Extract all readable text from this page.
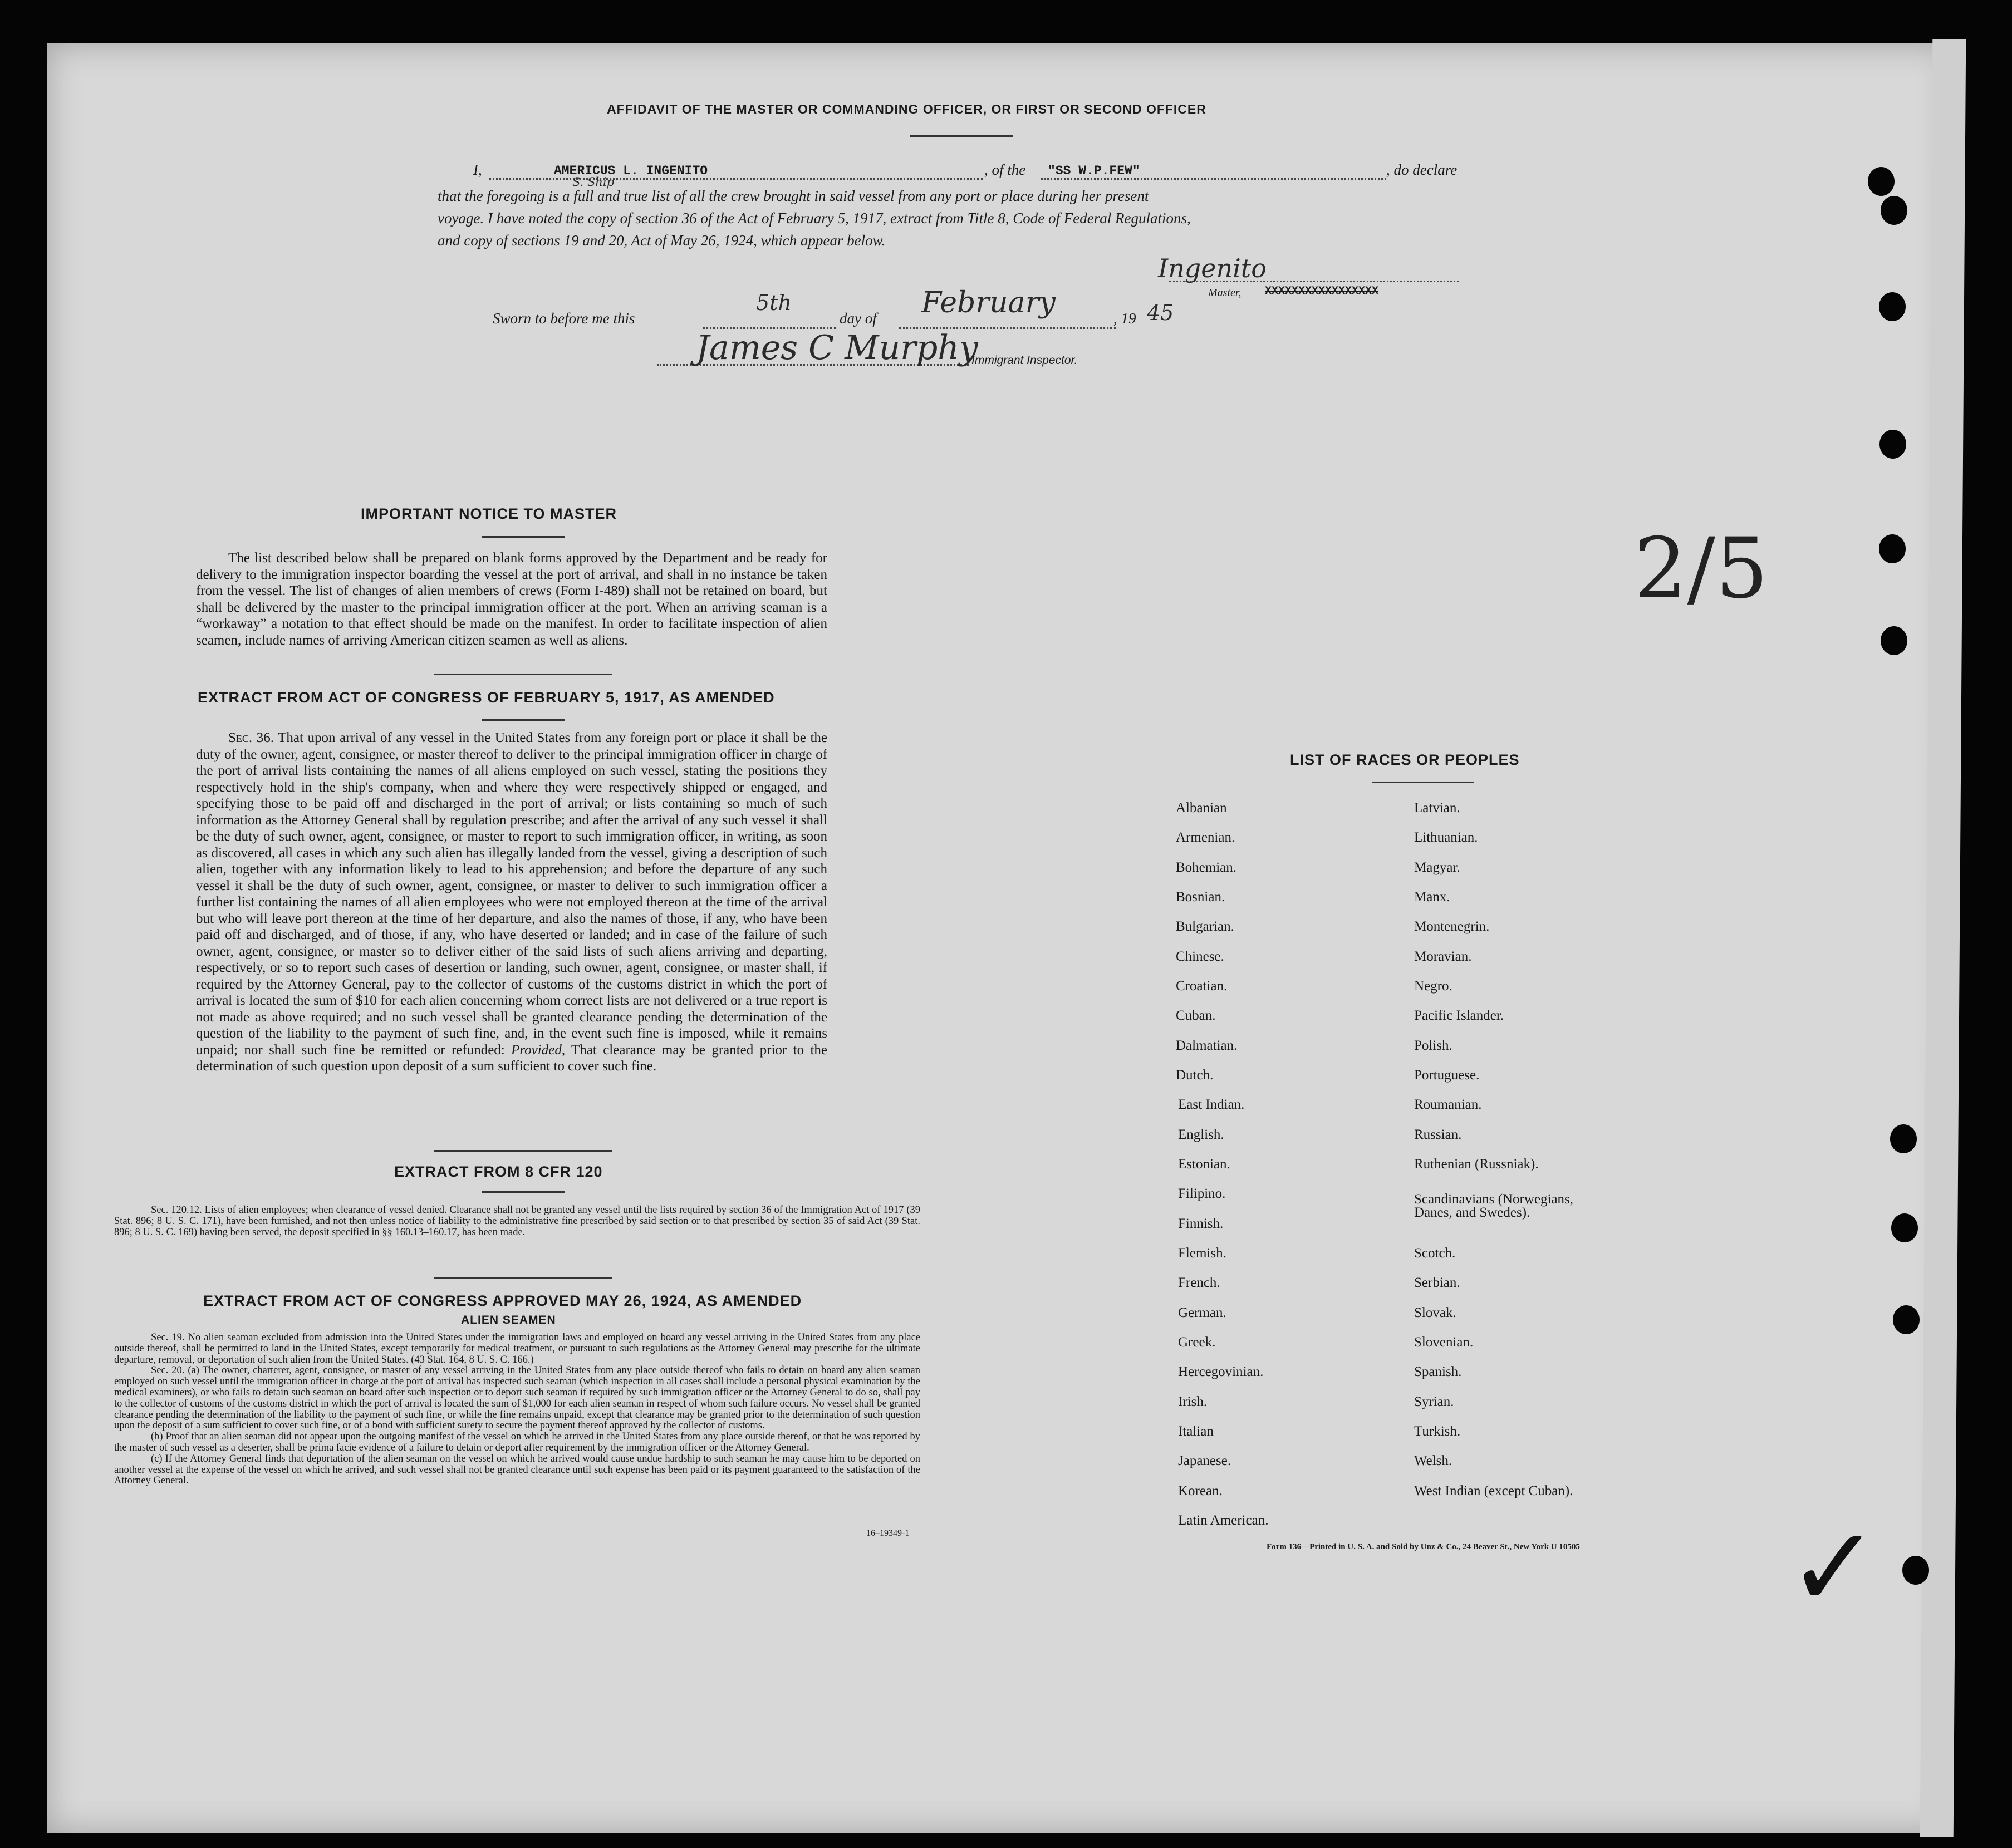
AFFIDAVIT OF THE MASTER OR COMMANDING OFFICER, OR FIRST OR SECOND OFFICER
I,	AMERICUS L. INGENITO	, of the "SS W.P.FEW"	, do declare
S. Ship
that the foregoing is a full and true list of all the crew brought in said vessel from any port or place during her present
voyage. I have noted the copy of section 36 of the Act of February 5, 1917, extract from Title 8, Code of Federal Regulations,
and copy of sections 19 and 20, Act of May 26, 1924, which appear below.
Ingenito
Master, XXXXXXXXXXXXXXXXX
Sworn to before me this
5th
day of February	, 19 45
James C Murphy
Immigrant Inspector.
IMPORTANT NOTICE TO MASTER
The list described below shall be prepared on blank forms approved by the Department and be ready for delivery to the immigration inspector boarding the vessel at the port of arrival, and shall in no instance be taken from the vessel. The list of changes of alien members of crews (Form I-489) shall not be retained on board, but shall be delivered by the master to the principal immigration officer at the port. When an arriving seaman is a “workaway” a notation to that effect should be made on the manifest. In order to facilitate inspection of alien seamen, include names of arriving American citizen seamen as well as aliens.
EXTRACT FROM ACT OF CONGRESS OF FEBRUARY 5, 1917, AS AMENDED
Sec. 36. That upon arrival of any vessel in the United States from any foreign port or place it shall be the duty of the owner, agent, consignee, or master thereof to deliver to the principal immigration officer in charge of the port of arrival lists containing the names of all aliens employed on such vessel, stating the positions they respectively hold in the ship's company, when and where they were respectively shipped or engaged, and specifying those to be paid off and discharged in the port of arrival; or lists containing so much of such information as the Attorney General shall by regulation prescribe; and after the arrival of any such vessel it shall be the duty of such owner, agent, consignee, or master to report to such immigration officer, in writing, as soon as discovered, all cases in which any such alien has illegally landed from the vessel, giving a description of such alien, together with any information likely to lead to his apprehension; and before the departure of any such vessel it shall be the duty of such owner, agent, consignee, or master to deliver to such immigration officer a further list containing the names of all alien employees who were not employed thereon at the time of the arrival but who will leave port thereon at the time of her departure, and also the names of those, if any, who have been paid off and discharged, and of those, if any, who have deserted or landed; and in case of the failure of such owner, agent, consignee, or master so to deliver either of the said lists of such aliens arriving and departing, respectively, or so to report such cases of desertion or landing, such owner, agent, consignee, or master shall, if required by the Attorney General, pay to the collector of customs of the customs district in which the port of arrival is located the sum of $10 for each alien concerning whom correct lists are not delivered or a true report is not made as above required; and no such vessel shall be granted clearance pending the determination of the question of the liability to the payment of such fine, and, in the event such fine is imposed, while it remains unpaid; nor shall such fine be remitted or refunded: Provided, That clearance may be granted prior to the determination of such question upon deposit of a sum sufficient to cover such fine.
EXTRACT FROM 8 CFR 120
Sec. 120.12. Lists of alien employees; when clearance of vessel denied. Clearance shall not be granted any vessel until the lists required by section 36 of the Immigration Act of 1917 (39 Stat. 896; 8 U. S. C. 171), have been furnished, and not then unless notice of liability to the administrative fine prescribed by said section or to that prescribed by section 35 of said Act (39 Stat. 896; 8 U. S. C. 169) having been served, the deposit specified in §§ 160.13–160.17, has been made.
EXTRACT FROM ACT OF CONGRESS APPROVED MAY 26, 1924, AS AMENDED
ALIEN SEAMEN
Sec. 19. No alien seaman excluded from admission into the United States under the immigration laws and employed on board any vessel arriving in the United States from any place outside thereof, shall be permitted to land in the United States, except temporarily for medical treatment, or pursuant to such regulations as the Attorney General may prescribe for the ultimate departure, removal, or deportation of such alien from the United States. (43 Stat. 164, 8 U. S. C. 166.)
Sec. 20. (a) The owner, charterer, agent, consignee, or master of any vessel arriving in the United States from any place outside thereof who fails to detain on board any alien seaman employed on such vessel until the immigration officer in charge at the port of arrival has inspected such seaman (which inspection in all cases shall include a personal physical examination by the medical examiners), or who fails to detain such seaman on board after such inspection or to deport such seaman if required by such immigration officer or the Attorney General to do so, shall pay to the collector of customs of the customs district in which the port of arrival is located the sum of $1,000 for each alien seaman in respect of whom such failure occurs. No vessel shall be granted clearance pending the determination of the liability to the payment of such fine, or while the fine remains unpaid, except that clearance may be granted prior to the determination of such question upon the deposit of a sum sufficient to cover such fine, or of a bond with sufficient surety to secure the payment thereof approved by the collector of customs.
(b) Proof that an alien seaman did not appear upon the outgoing manifest of the vessel on which he arrived in the United States from any place outside thereof, or that he was reported by the master of such vessel as a deserter, shall be prima facie evidence of a failure to detain or deport after requirement by the immigration officer or the Attorney General.
(c) If the Attorney General finds that deportation of the alien seaman on the vessel on which he arrived would cause undue hardship to such seaman he may cause him to be deported on another vessel at the expense of the vessel on which he arrived, and such vessel shall not be granted clearance until such expense has been paid or its payment guaranteed to the satisfaction of the Attorney General.
16–19349-1
LIST OF RACES OR PEOPLES
Albanian
Armenian.
Bohemian.
Bosnian.
Bulgarian.
Chinese.
Croatian.
Cuban.
Dalmatian.
Dutch.
East Indian.
English.
Estonian.
Filipino.
Finnish.
Flemish.
French.
German.
Greek.
Hercegovinian.
Irish.
Italian
Japanese.
Korean.
Latin American.
Latvian.
Lithuanian.
Magyar.
Manx.
Montenegrin.
Moravian.
Negro.
Pacific Islander.
Polish.
Portuguese.
Roumanian.
Russian.
Ruthenian (Russniak).
Scandinavians (Norwegians,
Scotch.
Serbian.
Slovak.
Slovenian.
Spanish.
Syrian.
Turkish.
Welsh.
West Indian (except Cuban).
Danes, and Swedes).
Form 136—Printed in U. S. A. and Sold by Unz & Co., 24 Beaver St., New York U 10505
2/5
✓
